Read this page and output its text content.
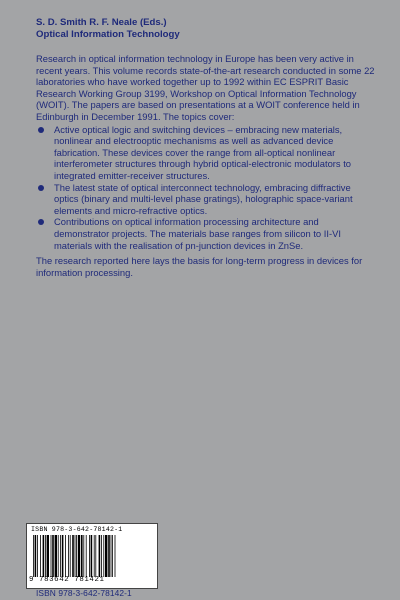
S. D. Smith R. F. Neale (Eds.)

Optical Information Technology

Research in optical information technology in Europe has been very active in recent years. This volume records state-of-the-art research conducted in some 22 laboratories who have worked together up to 1992 within EC ESPRIT Basic Research Working Group 3199, Workshop on Optical Information Technology (WOIT). The papers are based on presentations at a WOIT conference held in Edinburgh in December 1991. The topics cover:

Active optical logic and switching devices – embracing new materials, nonlinear and electrooptic mechanisms as well as advanced device fabrication. These devices cover the range from all-optical nonlinear interferometer structures through hybrid optical-electronic modulators to integrated emitter-receiver structures.
The latest state of optical interconnect technology, embracing diffractive optics (binary and multi-level phase gratings), holographic space-variant elements and micro-refractive optics.
Contributions on optical information processing architecture and demonstrator projects. The materials base ranges from silicon to II-VI materials with the realisation of pn-junction devices in ZnSe.

The research reported here lays the basis for long-term progress in devices for information processing.

ISBN 978-3-642-78142-1
9 783642 781421
ISBN 978-3-642-78142-1
